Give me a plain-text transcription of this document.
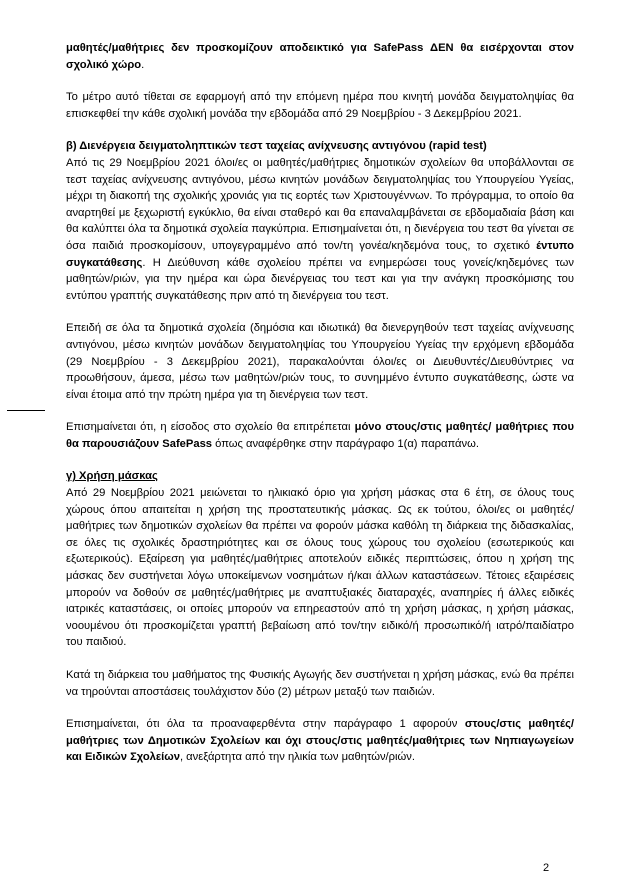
μαθητές/μαθήτριες δεν προσκομίζουν αποδεικτικό για SafePass ΔΕΝ θα εισέρχονται στον σχολικό χώρο.

Το μέτρο αυτό τίθεται σε εφαρμογή από την επόμενη ημέρα που κινητή μονάδα δειγματοληψίας θα επισκεφθεί την κάθε σχολική μονάδα την εβδομάδα από 29 Νοεμβρίου - 3 Δεκεμβρίου 2021.

β) Διενέργεια δειγματοληπτικών τεστ ταχείας ανίχνευσης αντιγόνου (rapid test)

Από τις 29 Νοεμβρίου 2021 όλοι/ες οι μαθητές/μαθήτριες δημοτικών σχολείων θα υποβάλλονται σε τεστ ταχείας ανίχνευσης αντιγόνου, μέσω κινητών μονάδων δειγματοληψίας του Υπουργείου Υγείας, μέχρι τη διακοπή της σχολικής χρονιάς για τις εορτές των Χριστουγέννων. Το πρόγραμμα, το οποίο θα αναρτηθεί με ξεχωριστή εγκύκλιο, θα είναι σταθερό και θα επαναλαμβάνεται σε εβδομαδιαία βάση και θα καλύπτει όλα τα δημοτικά σχολεία παγκύπρια. Επισημαίνεται ότι, η διενέργεια του τεστ θα γίνεται σε όσα παιδιά προσκομίσουν, υπογεγραμμένο από τον/τη γονέα/κηδεμόνα τους, το σχετικό έντυπο συγκατάθεσης. Η Διεύθυνση κάθε σχολείου πρέπει να ενημερώσει τους γονείς/κηδεμόνες των μαθητών/ριών, για την ημέρα και ώρα διενέργειας του τεστ και για την ανάγκη προσκόμισης του εντύπου γραπτής συγκατάθεσης πριν από τη διενέργεια του τεστ.

Επειδή σε όλα τα δημοτικά σχολεία (δημόσια και ιδιωτικά) θα διενεργηθούν τεστ ταχείας ανίχνευσης αντιγόνου, μέσω κινητών μονάδων δειγματοληψίας του Υπουργείου Υγείας την ερχόμενη εβδομάδα (29 Νοεμβρίου - 3 Δεκεμβρίου 2021), παρακαλούνται όλοι/ες οι Διευθυντές/Διευθύντριες να προωθήσουν, άμεσα, μέσω των μαθητών/ριών τους, το συνημμένο έντυπο συγκατάθεσης, ώστε να είναι έτοιμα από την πρώτη ημέρα για τη διενέργεια των τεστ.

Επισημαίνεται ότι, η είσοδος στο σχολείο θα επιτρέπεται μόνο στους/στις μαθητές/ μαθήτριες που θα παρουσιάζουν SafePass όπως αναφέρθηκε στην παράγραφο 1(α) παραπάνω.

γ) Χρήση μάσκας

Από 29 Νοεμβρίου 2021 μειώνεται το ηλικιακό όριο για χρήση μάσκας στα 6 έτη, σε όλους τους χώρους όπου απαιτείται η χρήση της προστατευτικής μάσκας. Ως εκ τούτου, όλοι/ες οι μαθητές/μαθήτριες των δημοτικών σχολείων θα πρέπει να φορούν μάσκα καθόλη τη διάρκεια της διδασκαλίας, σε όλες τις σχολικές δραστηριότητες και σε όλους τους χώρους του σχολείου (εσωτερικούς και εξωτερικούς). Εξαίρεση για μαθητές/μαθήτριες αποτελούν ειδικές περιπτώσεις, όπου η χρήση της μάσκας δεν συστήνεται λόγω υποκείμενων νοσημάτων ή/και άλλων καταστάσεων. Τέτοιες εξαιρέσεις μπορούν να δοθούν σε μαθητές/μαθήτριες με αναπτυξιακές διαταραχές, αναπηρίες ή άλλες ειδικές ιατρικές καταστάσεις, οι οποίες μπορούν να επηρεαστούν από τη χρήση μάσκας, η χρήση μάσκας, νοουμένου ότι προσκομίζεται γραπτή βεβαίωση από τον/την ειδικό/ή προσωπικό/ή ιατρό/παιδίατρο του παιδιού.

Κατά τη διάρκεια του μαθήματος της Φυσικής Αγωγής δεν συστήνεται η χρήση μάσκας, ενώ θα πρέπει να τηρούνται αποστάσεις τουλάχιστον δύο (2) μέτρων μεταξύ των παιδιών.

Επισημαίνεται, ότι όλα τα προαναφερθέντα στην παράγραφο 1 αφορούν στους/στις μαθητές/ μαθήτριες των Δημοτικών Σχολείων και όχι στους/στις μαθητές/μαθήτριες των Νηπιαγωγείων και Ειδικών Σχολείων, ανεξάρτητα από την ηλικία των μαθητών/ριών.

2
